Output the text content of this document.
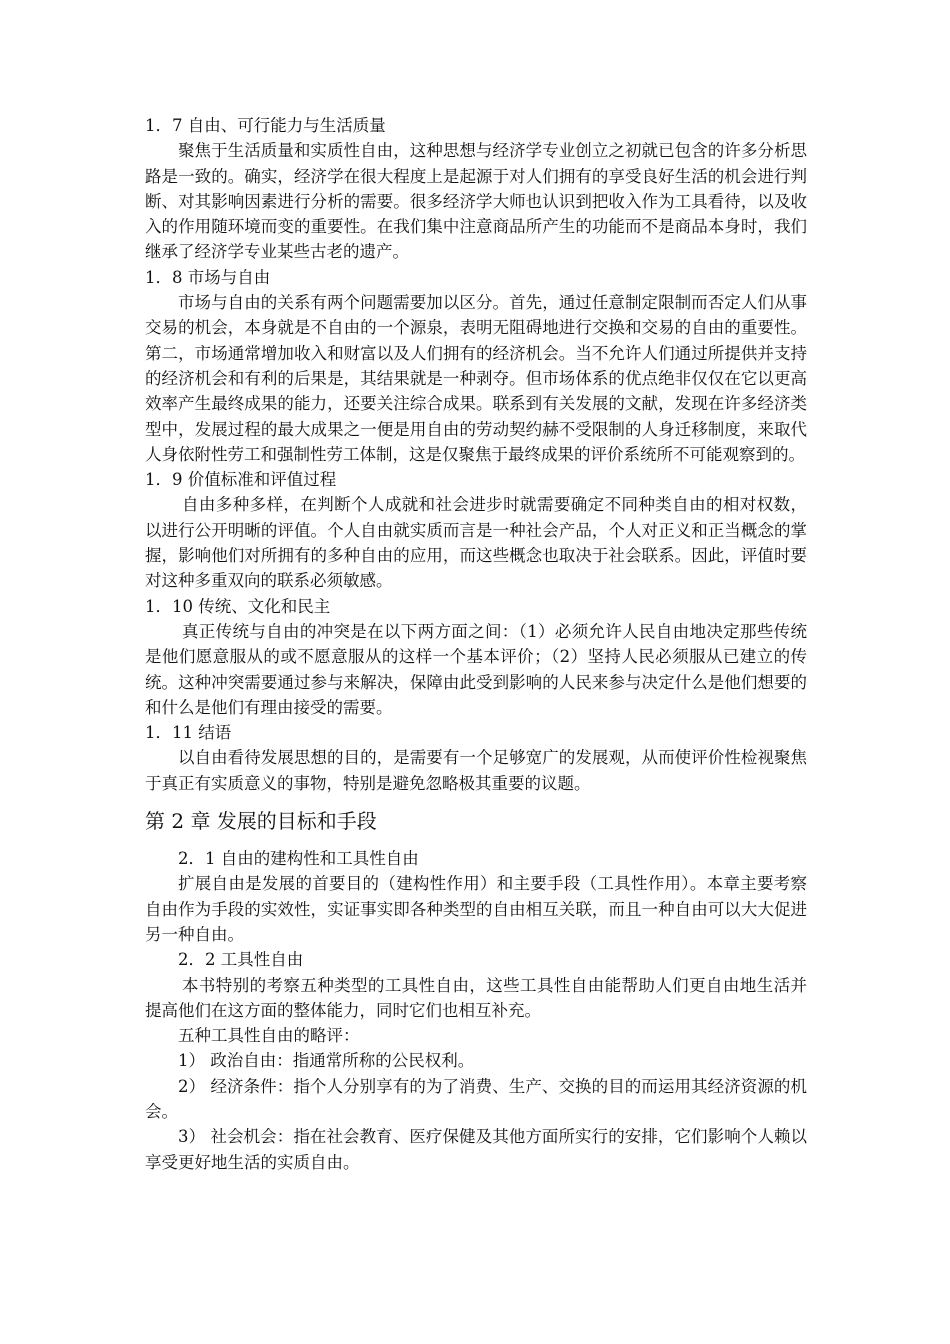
1．7 自由、可行能力与生活质量

聚焦于生活质量和实质性自由，这种思想与经济学专业创立之初就已包含的许多分析思路是一致的。确实，经济学在很大程度上是起源于对人们拥有的享受良好生活的机会进行判断、对其影响因素进行分析的需要。很多经济学大师也认识到把收入作为工具看待，以及收入的作用随环境而变的重要性。在我们集中注意商品所产生的功能而不是商品本身时，我们继承了经济学专业某些古老的遗产。

1．8 市场与自由

市场与自由的关系有两个问题需要加以区分。首先，通过任意制定限制而否定人们从事交易的机会，本身就是不自由的一个源泉，表明无阻碍地进行交换和交易的自由的重要性。第二，市场通常增加收入和财富以及人们拥有的经济机会。当不允许人们通过所提供并支持的经济机会和有利的后果是，其结果就是一种剥夺。但市场体系的优点绝非仅仅在它以更高效率产生最终成果的能力，还要关注综合成果。联系到有关发展的文献，发现在许多经济类型中，发展过程的最大成果之一便是用自由的劳动契约赫不受限制的人身迁移制度，来取代人身依附性劳工和强制性劳工体制，这是仅聚焦于最终成果的评价系统所不可能观察到的。

1．9 价值标准和评值过程

自由多种多样，在判断个人成就和社会进步时就需要确定不同种类自由的相对权数，以进行公开明晰的评值。个人自由就实质而言是一种社会产品，个人对正义和正当概念的掌握，影响他们对所拥有的多种自由的应用，而这些概念也取决于社会联系。因此，评值时要对这种多重双向的联系必须敏感。

1．10 传统、文化和民主

真正传统与自由的冲突是在以下两方面之间：（1）必须允许人民自由地决定那些传统是他们愿意服从的或不愿意服从的这样一个基本评价；（2）坚持人民必须服从已建立的传统。这种冲突需要通过参与来解决，保障由此受到影响的人民来参与决定什么是他们想要的和什么是他们有理由接受的需要。

1．11 结语

以自由看待发展思想的目的，是需要有一个足够宽广的发展观，从而使评价性检视聚焦于真正有实质意义的事物，特别是避免忽略极其重要的议题。

第 2 章 发展的目标和手段

2．1 自由的建构性和工具性自由

扩展自由是发展的首要目的（建构性作用）和主要手段（工具性作用）。本章主要考察自由作为手段的实效性，实证事实即各种类型的自由相互关联，而且一种自由可以大大促进另一种自由。

2．2 工具性自由

本书特别的考察五种类型的工具性自由，这些工具性自由能帮助人们更自由地生活并提高他们在这方面的整体能力，同时它们也相互补充。

五种工具性自由的略评：

1） 政治自由：指通常所称的公民权利。

2） 经济条件：指个人分别享有的为了消费、生产、交换的目的而运用其经济资源的机会。

3） 社会机会：指在社会教育、医疗保健及其他方面所实行的安排，它们影响个人赖以享受更好地生活的实质自由。
